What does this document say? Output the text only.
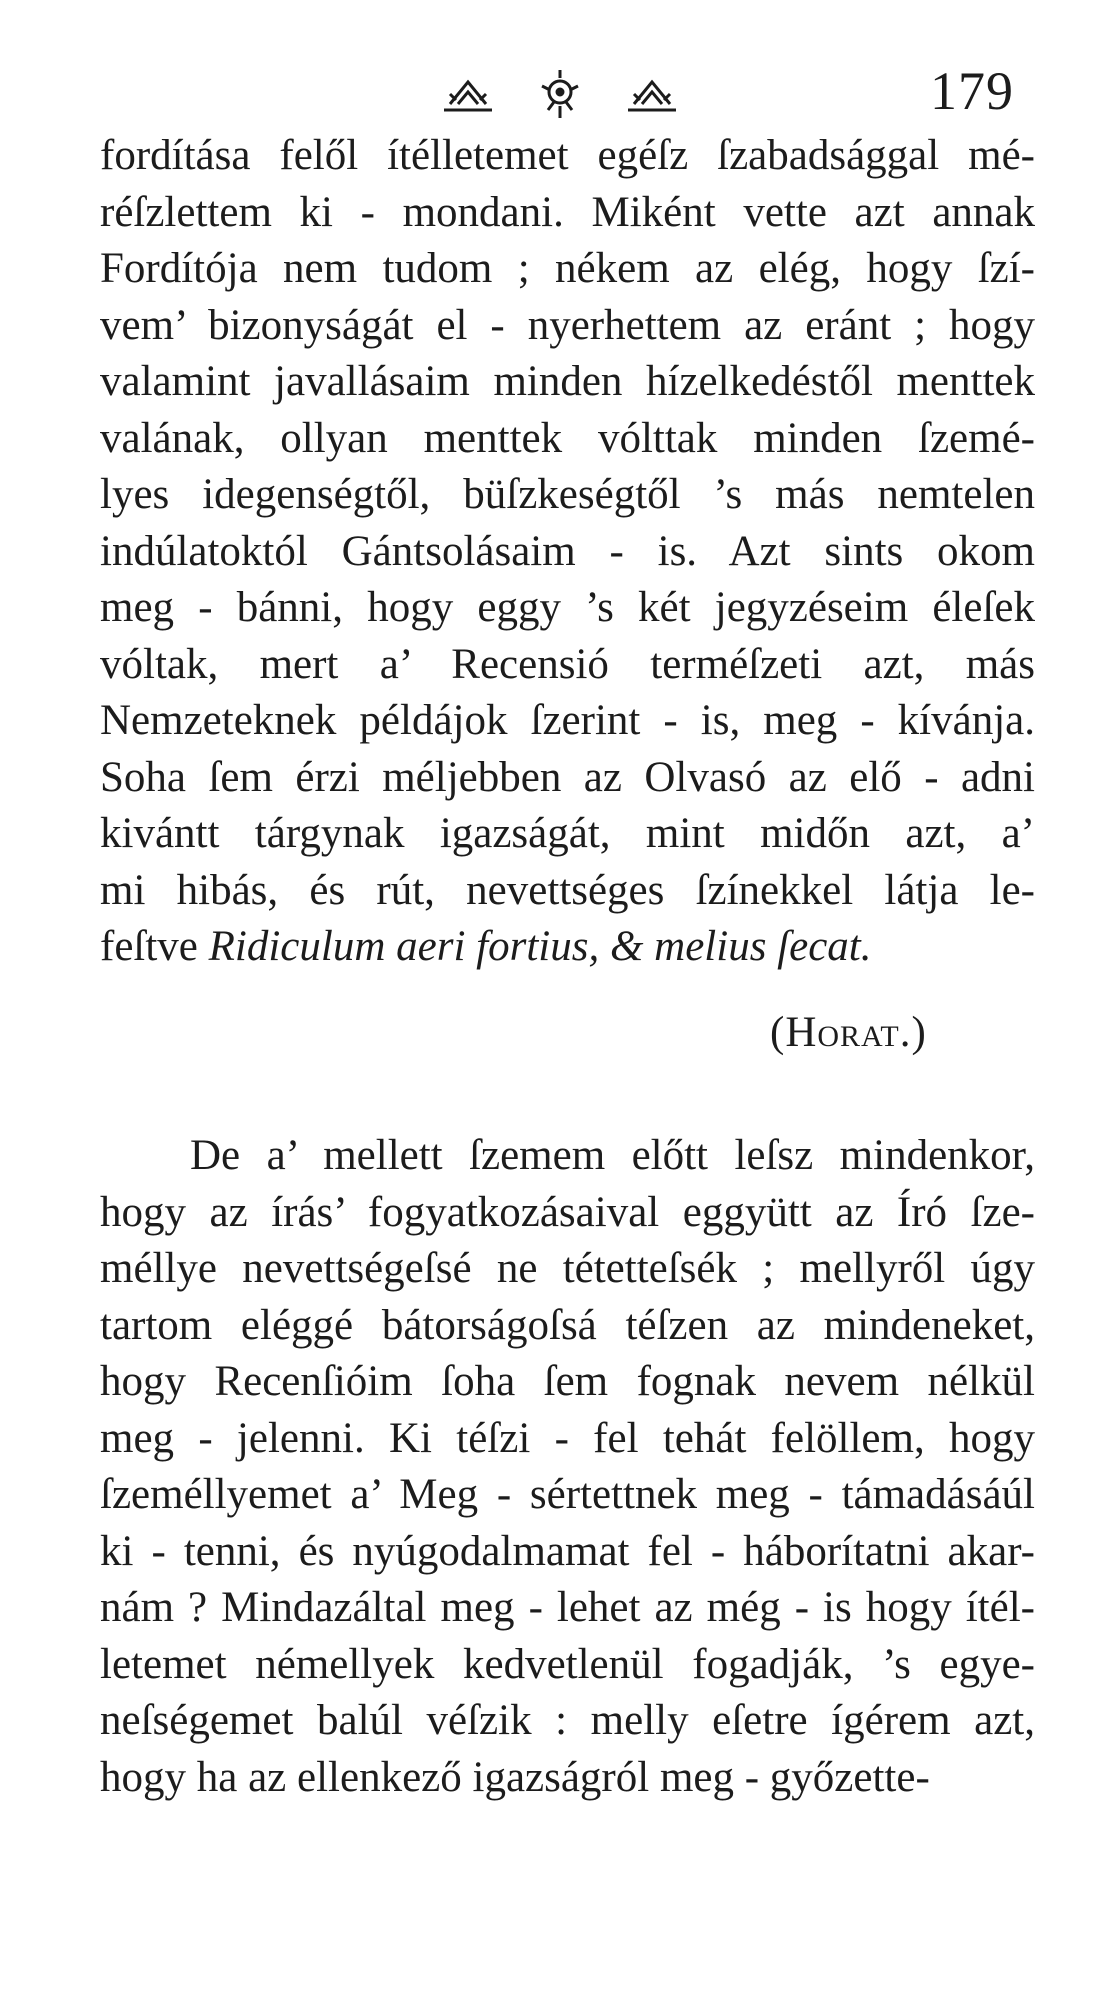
179
fordítása felől ítélletemet egéſz ſzabadsággal mé-
réſzlettem ki - mondani. Miként vette azt annak
Fordítója nem tudom ; nékem az elég, hogy ſzí-
vem’ bizonyságát el - nyerhettem az eránt ; hogy
valamint javallásaim minden hízelkedéstől menttek
valának, ollyan menttek vólttak minden ſzemé-
lyes idegenségtől, büſzkeségtől ’s más nemtelen
indúlatoktól Gántsolásaim - is. Azt sints okom
meg - bánni, hogy eggy ’s két jegyzéseim éleſek
vóltak, mert a’ Recensió terméſzeti azt, más
Nemzeteknek példájok ſzerint - is, meg - kívánja.
Soha ſem érzi méljebben az Olvasó az elő - adni
kivántt tárgynak igazságát, mint midőn azt, a’
mi hibás, és rút, nevettséges ſzínekkel látja le-
feſtve Ridiculum aeri fortius, & melius ſecat.
(Horat.)
De a’ mellett ſzemem előtt leſsz mindenkor,
hogy az írás’ fogyatkozásaival eggyütt az Író ſze-
méllye nevettségeſsé ne tétetteſsék ; mellyről úgy
tartom eléggé bátorságoſsá téſzen az mindeneket,
hogy Recenſióim ſoha ſem fognak nevem nélkül
meg - jelenni. Ki téſzi - fel tehát felöllem, hogy
ſzeméllyemet a’ Meg - sértettnek meg - támadásáúl
ki - tenni, és nyúgodalmamat fel - háborítatni akar-
nám ? Mindazáltal meg - lehet az még - is hogy ítél-
letemet némellyek kedvetlenül fogadják, ’s egye-
neſségemet balúl véſzik : melly eſetre ígérem azt,
hogy ha az ellenkező igazságról meg - győzette-
